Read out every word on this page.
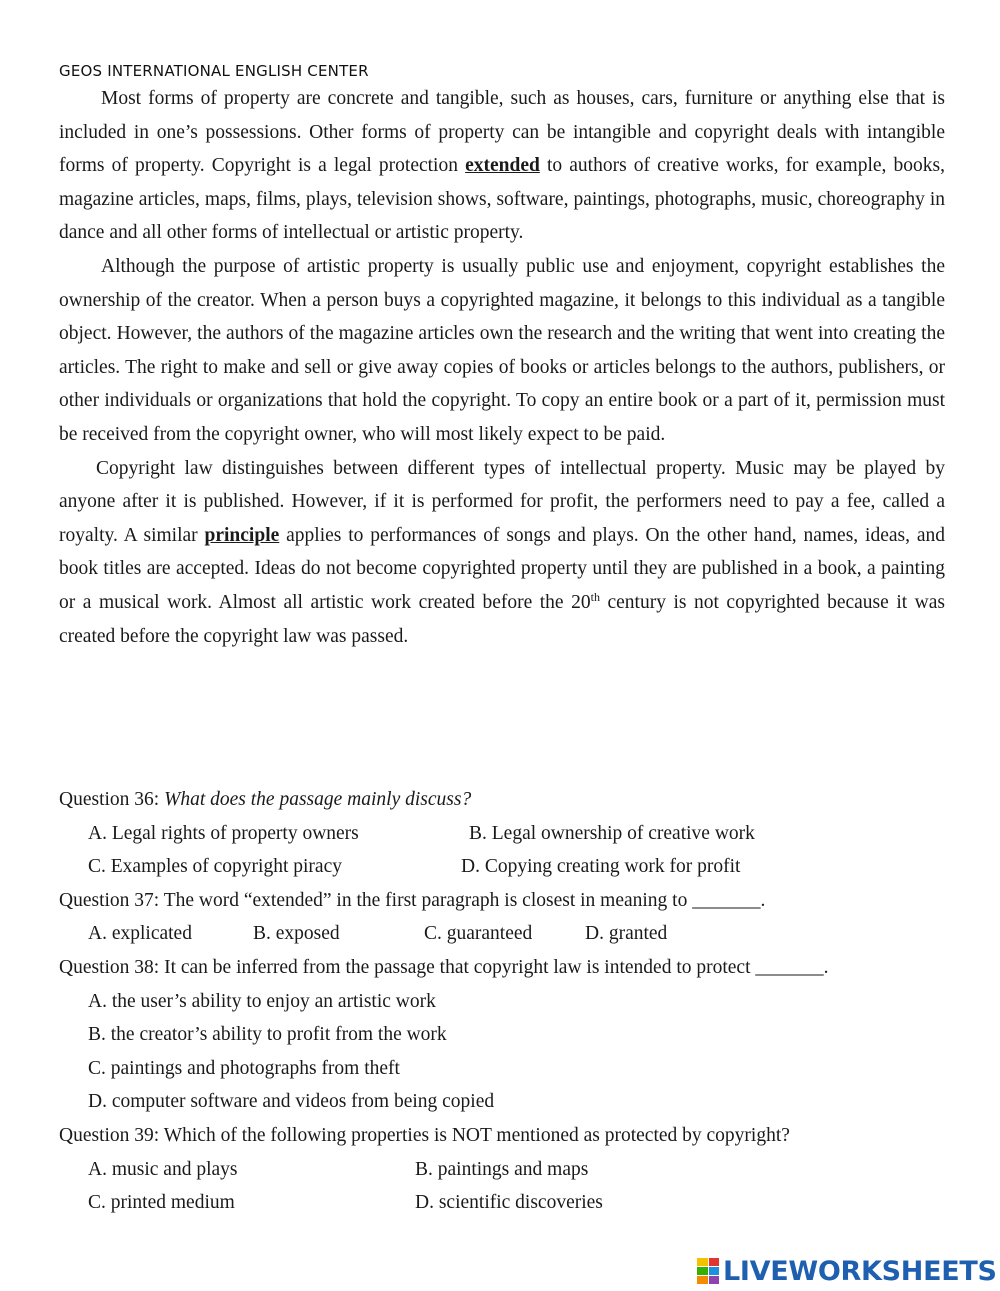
GEOS INTERNATIONAL ENGLISH CENTER

Most forms of property are concrete and tangible, such as houses, cars, furniture or anything else that is included in one’s possessions. Other forms of property can be intangible and copyright deals with intangible forms of property. Copyright is a legal protection extended to authors of creative works, for example, books, magazine articles, maps, films, plays, television shows, software, paintings, photographs, music, choreography in dance and all other forms of intellectual or artistic property.

Although the purpose of artistic property is usually public use and enjoyment, copyright establishes the ownership of the creator. When a person buys a copyrighted magazine, it belongs to this individual as a tangible object. However, the authors of the magazine articles own the research and the writing that went into creating the articles. The right to make and sell or give away copies of books or articles belongs to the authors, publishers, or other individuals or organizations that hold the copyright. To copy an entire book or a part of it, permission must be received from the copyright owner, who will most likely expect to be paid.

Copyright law distinguishes between different types of intellectual property. Music may be played by anyone after it is published. However, if it is performed for profit, the performers need to pay a fee, called a royalty. A similar principle applies to performances of songs and plays. On the other hand, names, ideas, and book titles are accepted. Ideas do not become copyrighted property until they are published in a book, a painting or a musical work. Almost all artistic work created before the 20th century is not copyrighted because it was created before the copyright law was passed.

Question 36: What does the passage mainly discuss?
A. Legal rights of property owners	B. Legal ownership of creative work
C. Examples of copyright piracy	D. Copying creating work for profit
Question 37: The word “extended” in the first paragraph is closest in meaning to _______.
A. explicated	B. exposed	C. guaranteed	D. granted
Question 38: It can be inferred from the passage that copyright law is intended to protect _______.
A. the user’s ability to enjoy an artistic work
B. the creator’s ability to profit from the work
C. paintings and photographs from theft
D. computer software and videos from being copied
Question 39: Which of the following properties is NOT mentioned as protected by copyright?
A. music and plays	B. paintings and maps
C. printed medium	D. scientific discoveries
LIVEWORKSHEETS
